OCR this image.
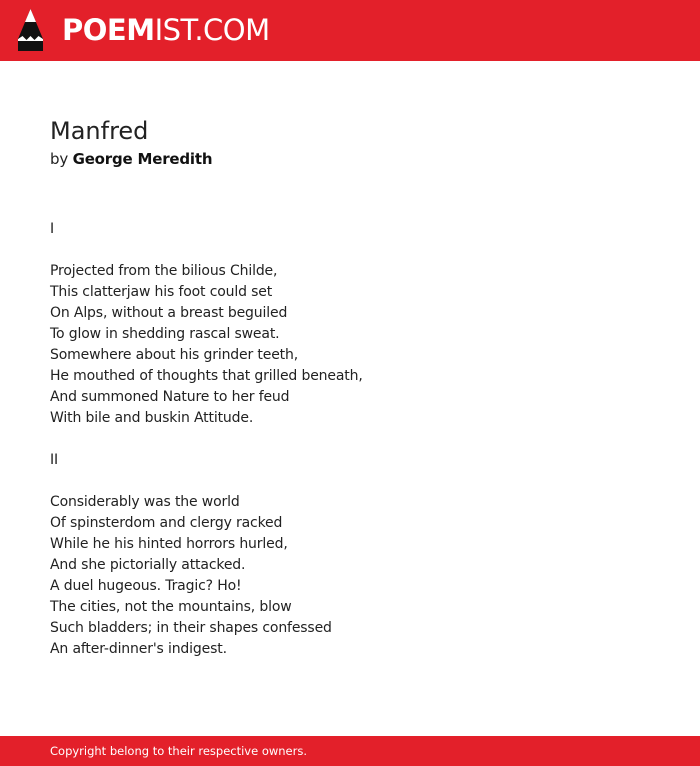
POEMIST.COM
Manfred
by George Meredith
I
Projected from the bilious Childe,
This clatterjaw his foot could set
On Alps, without a breast beguiled
To glow in shedding rascal sweat.
Somewhere about his grinder teeth,
He mouthed of thoughts that grilled beneath,
And summoned Nature to her feud
With bile and buskin Attitude.
II
Considerably was the world
Of spinsterdom and clergy racked
While he his hinted horrors hurled,
And she pictorially attacked.
A duel hugeous. Tragic? Ho!
The cities, not the mountains, blow
Such bladders; in their shapes confessed
An after-dinner's indigest.
Copyright belong to their respective owners.
